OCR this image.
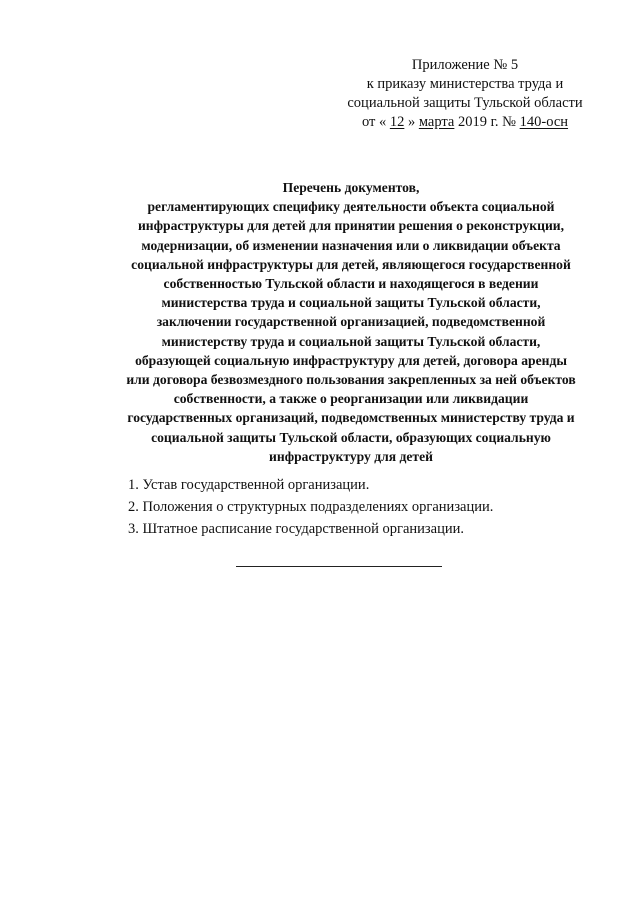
Приложение № 5
к приказу министерства труда и
социальной защиты Тульской области
от « 12 » марта 2019 г. № 140-осн
Перечень документов,
регламентирующих специфику деятельности объекта социальной
инфраструктуры для детей для принятии решения о реконструкции,
модернизации, об изменении назначения или о ликвидации объекта
социальной инфраструктуры для детей, являющегося государственной
собственностью Тульской области и находящегося в ведении
министерства труда и социальной защиты Тульской области,
заключении государственной организацией, подведомственной
министерству труда и социальной защиты Тульской области,
образующей социальную инфраструктуру для детей, договора аренды
или договора безвозмездного пользования закрепленных за ней объектов
собственности, а также о реорганизации или ликвидации
государственных организаций, подведомственных министерству труда и
социальной защиты Тульской области, образующих социальную
инфраструктуру для детей
1. Устав государственной организации.
2. Положения о структурных подразделениях организации.
3. Штатное расписание государственной организации.
